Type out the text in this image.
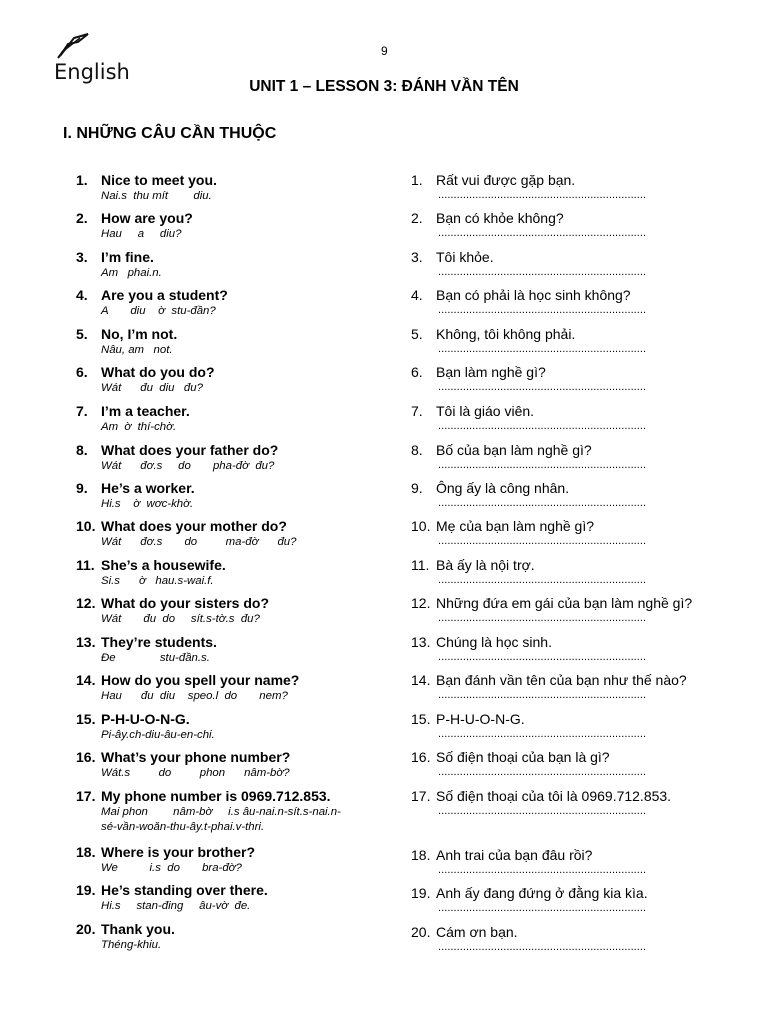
English
9
UNIT 1 – LESSON 3: ĐÁNH VẦN TÊN
I. NHỮNG CÂU CẦN THUỘC
1. Nice to meet you.
Nai.s  thu mít        diu.
2. How are you?
Hau     a     diu?
3. I’m fine.
Am   phai.n.
4. Are you a student?
A       diu    ờ  stu-đần?
5. No, I’m not.
Nâu, am   not.
6. What do you do?
Wát      đu  diu   đu?
7. I’m a teacher.
Am  ờ  thí-chờ.
8. What does your father do?
Wát      đơ.s     do       pha-đờ  đu?
9. He’s a worker.
Hi.s    ờ  wơc-khờ.
10. What does your mother do?
Wát      đơ.s       do         ma-đờ      đu?
11. She’s a housewife.
Si.s      ờ   hau.s-wai.f.
12. What do your sisters do?
Wát       đu  do     sít.s-tờ.s  đu?
13. They’re students.
Đe              stu-đần.s.
14. How do you spell your name?
Hau      đu  diu    speo.l  do       nem?
15. P-H-U-O-N-G.
Pi-ây.ch-diu-âu-en-chi.
16. What’s your phone number?
Wát.s         do         phon      nâm-bờ?
17. My phone number is 0969.712.853.
Mai phon        nâm-bờ     i.s âu-nai.n-sít.s-nai.n-
sé-vần-woăn-thu-ây.t-phai.v-thri.
18. Where is your brother?
We          i.s  do       bra-đờ?
19. He’s standing over there.
Hi.s     stan-đing     âu-vờ  đe.
20. Thank you.
Théng-khiu.
1. Rất vui được gặp bạn.
...................................................................
2. Bạn có khỏe không?
...................................................................
3. Tôi khỏe.
...................................................................
4. Bạn có phải là học sinh không?
...................................................................
5. Không, tôi không phải.
...................................................................
6. Bạn làm nghề gì?
...................................................................
7. Tôi là giáo viên.
...................................................................
8. Bố của bạn làm nghề gì?
...................................................................
9. Ông ấy là công nhân.
...................................................................
10. Mẹ của bạn làm nghề gì?
...................................................................
11. Bà ấy là nội trợ.
...................................................................
12. Những đứa em gái của bạn làm nghề gì?
...................................................................
13. Chúng là học sinh.
...................................................................
14. Bạn đánh vần tên của bạn như thế nào?
...................................................................
15. P-H-U-O-N-G.
...................................................................
16. Số điện thoại của bạn là gì?
...................................................................
17. Số điện thoại của tôi là 0969.712.853.
...................................................................
18. Anh trai của bạn đâu rồi?
...................................................................
19. Anh ấy đang đứng ở đằng kia kìa.
...................................................................
20. Cám ơn bạn.
...................................................................
